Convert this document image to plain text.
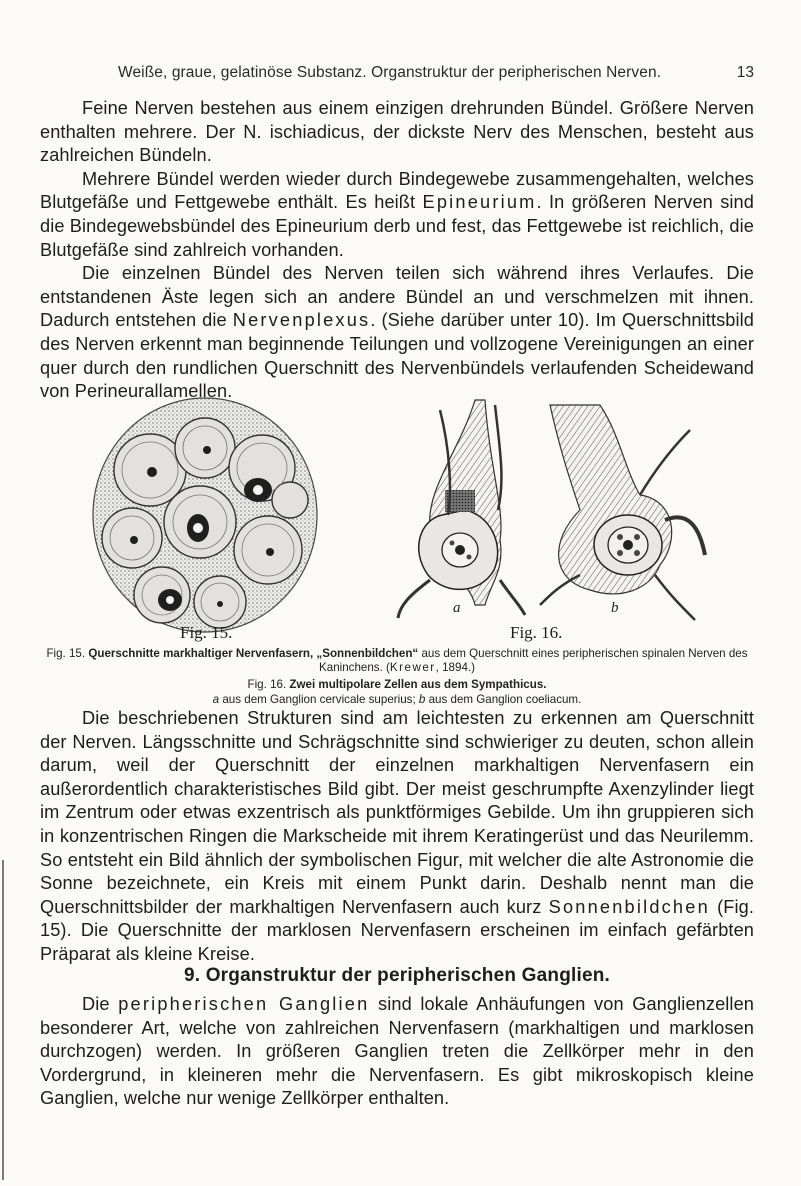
Weiße, graue, gelatinöse Substanz. Organstruktur der peripherischen Nerven.	13

Feine Nerven bestehen aus einem einzigen drehrunden Bündel. Größere Nerven enthalten mehrere. Der N. ischiadicus, der dickste Nerv des Menschen, besteht aus zahlreichen Bündeln.

Mehrere Bündel werden wieder durch Bindegewebe zusammengehalten, welches Blutgefäße und Fettgewebe enthält. Es heißt Epineurium. In größeren Nerven sind die Bindegewebsbündel des Epineurium derb und fest, das Fettgewebe ist reichlich, die Blutgefäße sind zahlreich vorhanden.

Die einzelnen Bündel des Nerven teilen sich während ihres Verlaufes. Die entstandenen Äste legen sich an andere Bündel an und verschmelzen mit ihnen. Dadurch entstehen die Nervenplexus. (Siehe darüber unter 10). Im Querschnittsbild des Nerven erkennt man beginnende Teilungen und vollzogene Vereinigungen an einer quer durch den rundlichen Querschnitt des Nervenbündels verlaufenden Scheidewand von Perineurallamellen.

a	b
Fig. 15.	Fig. 16.
Fig. 15. Querschnitte markhaltiger Nervenfasern, „Sonnenbildchen“ aus dem Querschnitt eines peripherischen spinalen Nerven des Kaninchens. (Krewer, 1894.)
Fig. 16. Zwei multipolare Zellen aus dem Sympathicus.
a aus dem Ganglion cervicale superius; b aus dem Ganglion coeliacum.

Die beschriebenen Strukturen sind am leichtesten zu erkennen am Querschnitt der Nerven. Längsschnitte und Schrägschnitte sind schwieriger zu deuten, schon allein darum, weil der Querschnitt der einzelnen markhaltigen Nervenfasern ein außerordentlich charakteristisches Bild gibt. Der meist geschrumpfte Axenzylinder liegt im Zentrum oder etwas exzentrisch als punktförmiges Gebilde. Um ihn gruppieren sich in konzentrischen Ringen die Markscheide mit ihrem Keratingerüst und das Neurilemm. So entsteht ein Bild ähnlich der symbolischen Figur, mit welcher die alte Astronomie die Sonne bezeichnete, ein Kreis mit einem Punkt darin. Deshalb nennt man die Querschnittsbilder der markhaltigen Nervenfasern auch kurz Sonnenbildchen (Fig. 15). Die Querschnitte der marklosen Nervenfasern erscheinen im einfach gefärbten Präparat als kleine Kreise.

9. Organstruktur der peripherischen Ganglien.

Die peripherischen Ganglien sind lokale Anhäufungen von Ganglienzellen besonderer Art, welche von zahlreichen Nervenfasern (markhaltigen und marklosen durchzogen) werden. In größeren Ganglien treten die Zellkörper mehr in den Vordergrund, in kleineren mehr die Nervenfasern. Es gibt mikroskopisch kleine Ganglien, welche nur wenige Zellkörper enthalten.
